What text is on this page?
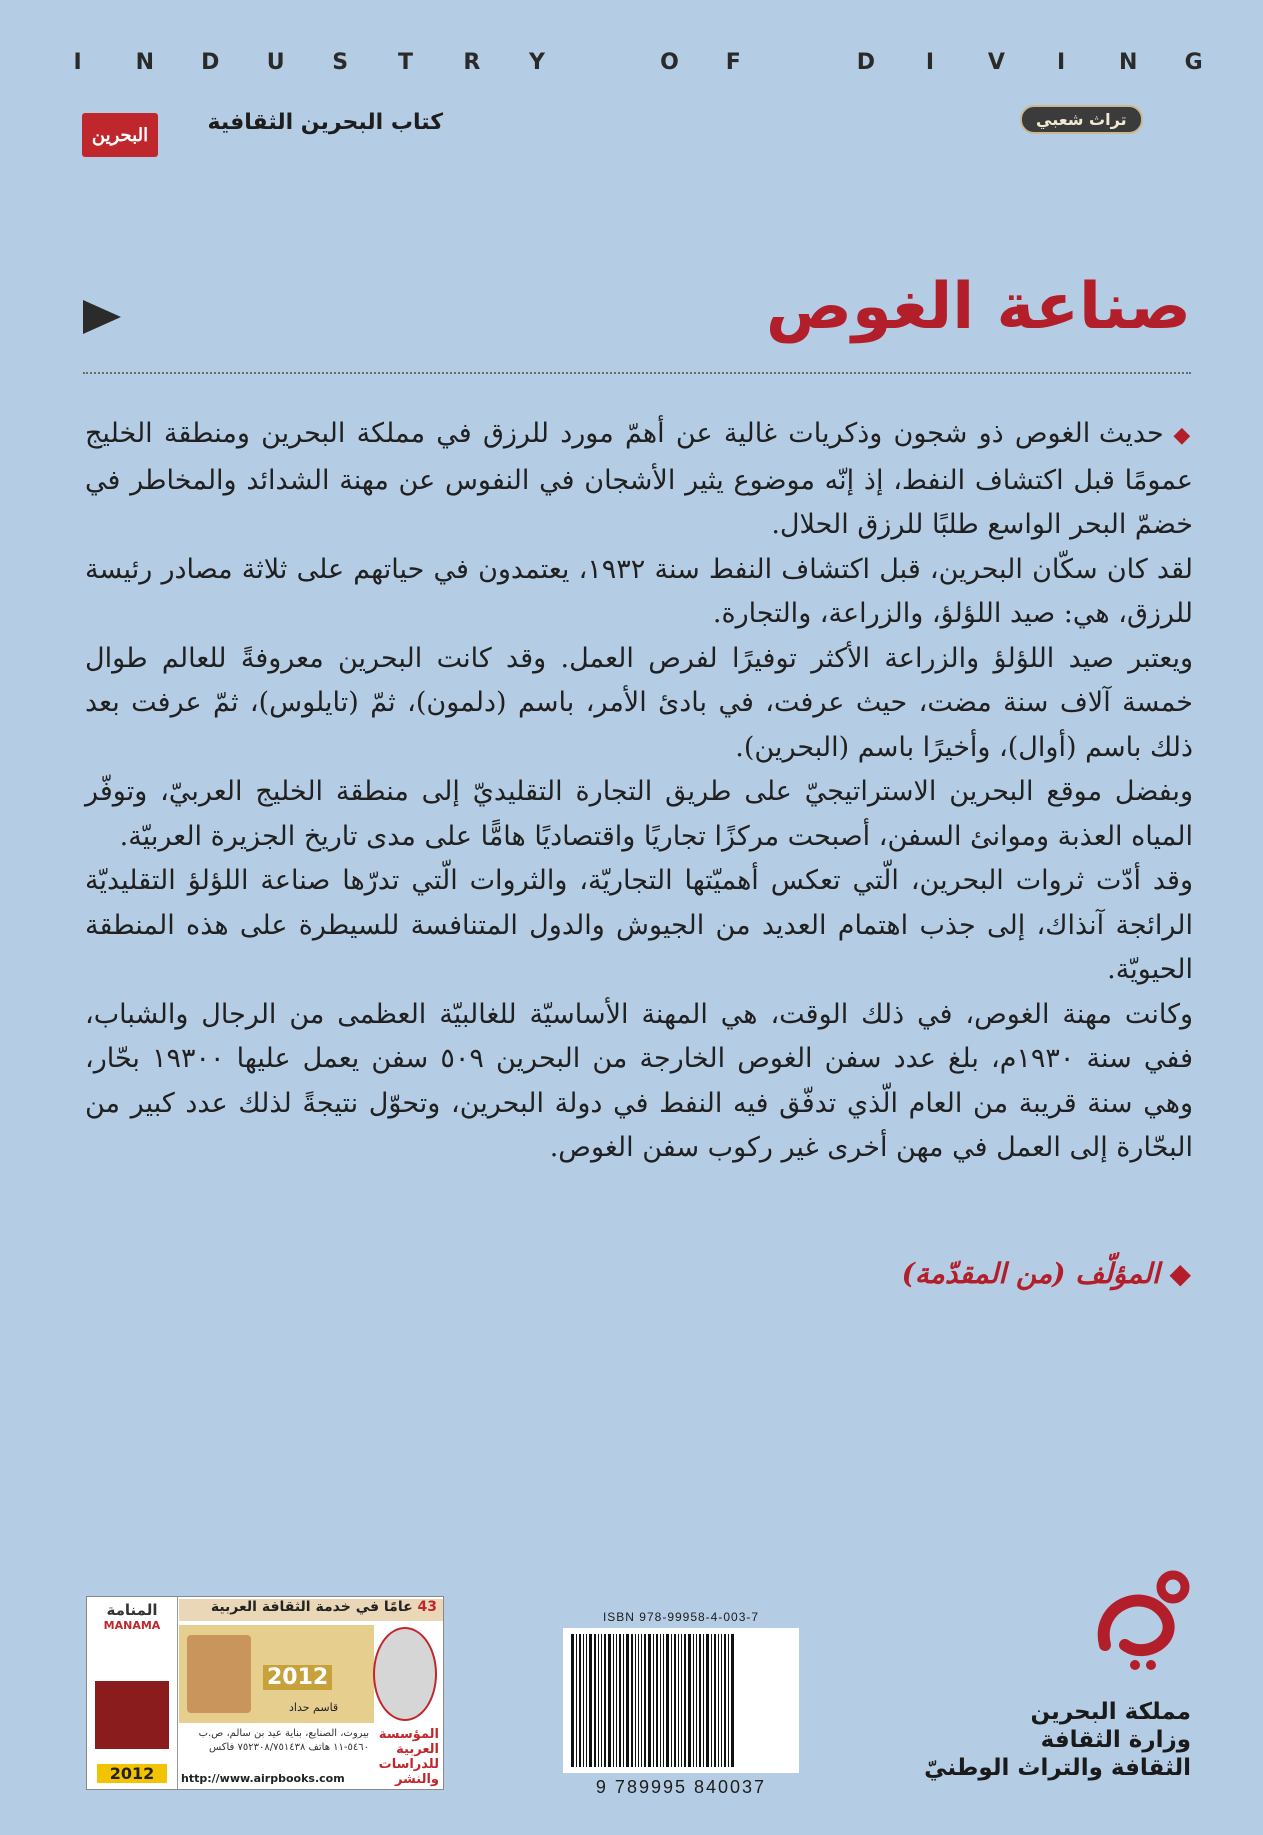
I N D U S T R Y	O F	D I V I N G
تراث شعبي
كتاب البحرين الثقافية
البحرين
صناعة الغوص

◆ حديث الغوص ذو شجون وذكريات غالية عن أهمّ مورد للرزق في مملكة البحرين ومنطقة الخليج عمومًا قبل اكتشاف النفط، إذ إنّه موضوع يثير الأشجان في النفوس عن مهنة الشدائد والمخاطر في خضمّ البحر الواسع طلبًا للرزق الحلال.

لقد كان سكّان البحرين، قبل اكتشاف النفط سنة ١٩٣٢، يعتمدون في حياتهم على ثلاثة مصادر رئيسة للرزق، هي: صيد اللؤلؤ، والزراعة، والتجارة.

ويعتبر صيد اللؤلؤ والزراعة الأكثر توفيرًا لفرص العمل. وقد كانت البحرين معروفةً للعالم طوال خمسة آلاف سنة مضت، حيث عرفت، في بادئ الأمر، باسم (دلمون)، ثمّ (تايلوس)، ثمّ عرفت بعد ذلك باسم (أوال)، وأخيرًا باسم (البحرين).

وبفضل موقع البحرين الاستراتيجيّ على طريق التجارة التقليديّ إلى منطقة الخليج العربيّ، وتوفّر المياه العذبة وموانئ السفن، أصبحت مركزًا تجاريًا واقتصاديًا هامًّا على مدى تاريخ الجزيرة العربيّة.

وقد أدّت ثروات البحرين، الّتي تعكس أهميّتها التجاريّة، والثروات الّتي تدرّها صناعة اللؤلؤ التقليديّة الرائجة آنذاك، إلى جذب اهتمام العديد من الجيوش والدول المتنافسة للسيطرة على هذه المنطقة الحيويّة.

وكانت مهنة الغوص، في ذلك الوقت، هي المهنة الأساسيّة للغالبيّة العظمى من الرجال والشباب، ففي سنة ١٩٣٠م، بلغ عدد سفن الغوص الخارجة من البحرين ٥٠٩ سفن يعمل عليها ١٩٣٠٠ بحّار، وهي سنة قريبة من العام الّذي تدفّق فيه النفط في دولة البحرين، وتحوّل نتيجةً لذلك عدد كبير من البحّارة إلى العمل في مهن أخرى غير ركوب سفن الغوص.

◆ المؤلّف (من المقدّمة)
مملكة البحرين
وزارة الثقافة
الثقافة والتراث الوطنيّ
ISBN 978-99958-4-003-7
9 789995 840037
المنامة
MANAMA
2012
43 عامًا في خدمة الثقافة العربية
2012
قاسم حداد
بيروت، الصنايع، بناية عيد بن سالم، ص.ب ٥٤٦٠-١١ هاتف ٧٥٢٣٠٨/٧٥١٤٣٨ فاكس
المؤسسة العربية للدراسات والنشر
http://www.airpbooks.com
